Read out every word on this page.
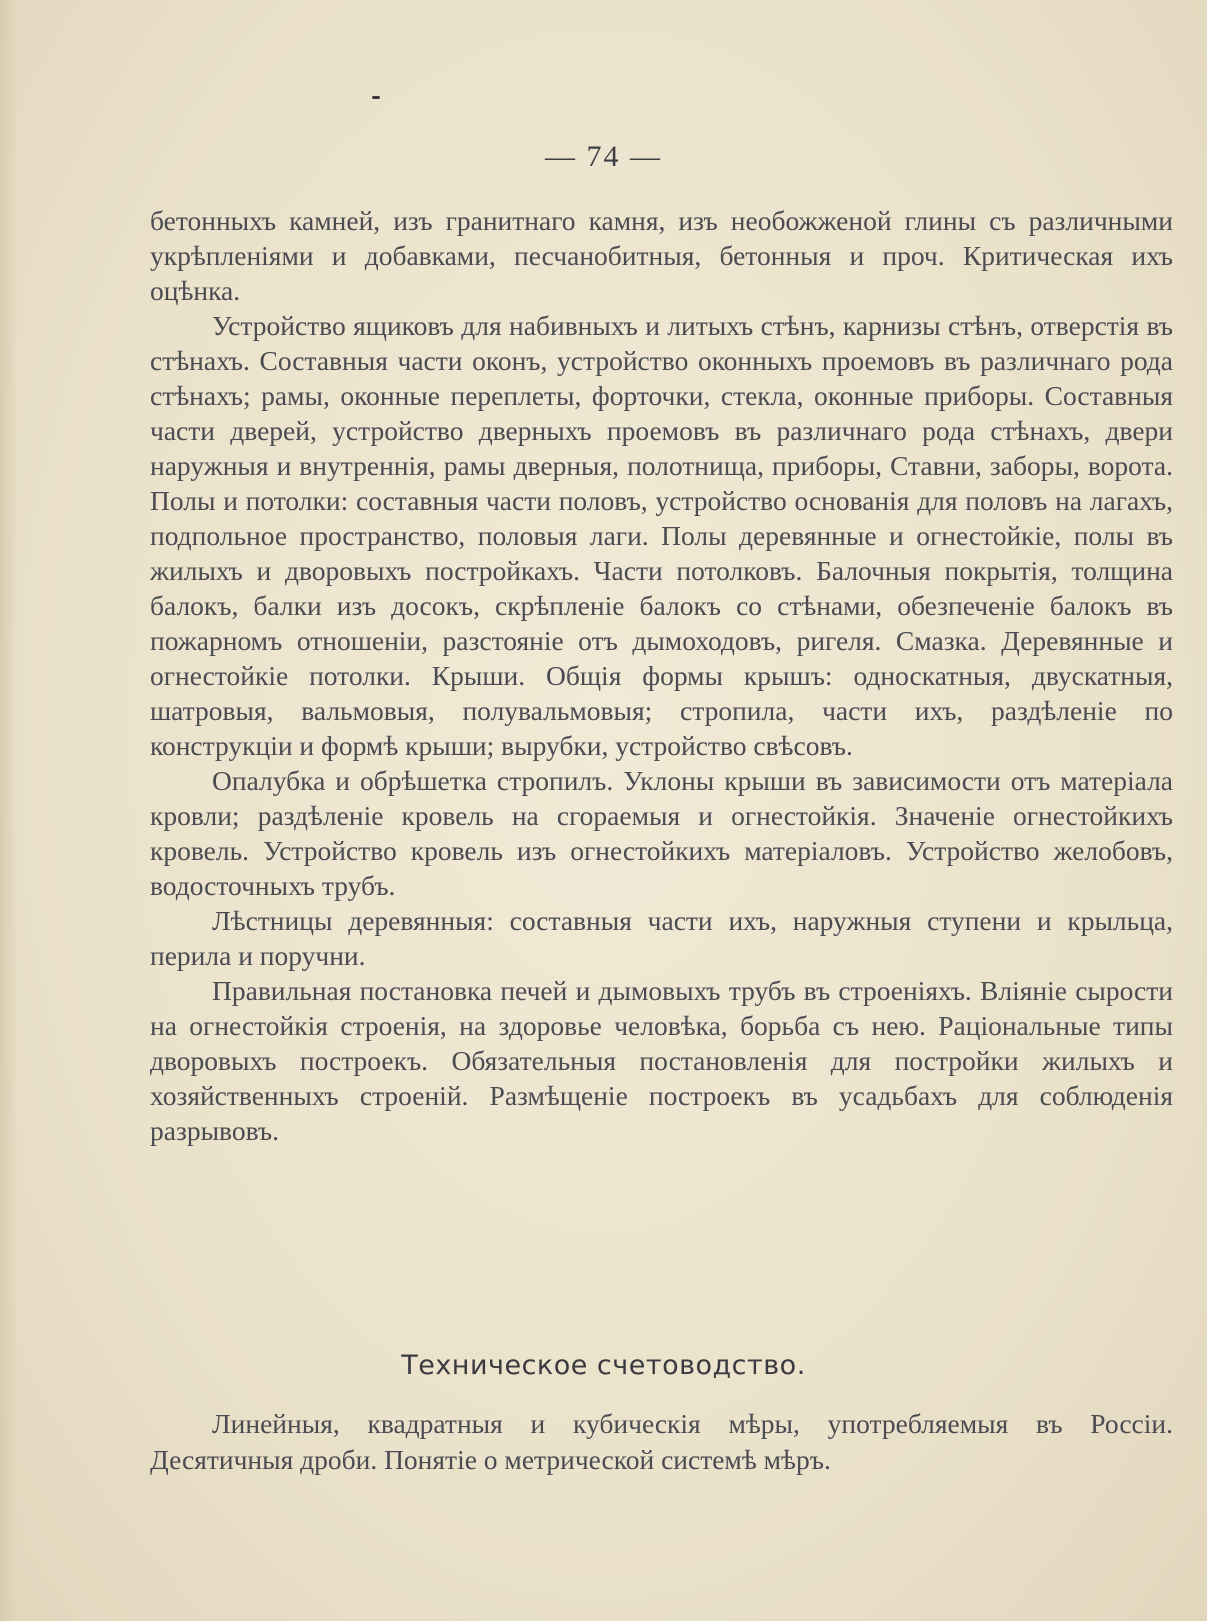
— 74 —

бетонныхъ камней, изъ гранитнаго камня, изъ необожженой глины съ различными укрѣпленіями и добавками, песчанобитныя, бетонныя и проч. Критическая ихъ оцѣнка.

Устройство ящиковъ для набивныхъ и литыхъ стѣнъ, карнизы стѣнъ, отверстія въ стѣнахъ. Составныя части оконъ, устройство оконныхъ проемовъ въ различнаго рода стѣнахъ; рамы, оконные переплеты, форточки, стекла, оконные приборы. Составныя части дверей, устройство дверныхъ проемовъ въ различнаго рода стѣнахъ, двери наружныя и внутреннія, рамы дверныя, полотнища, приборы, Ставни, заборы, ворота. Полы и потолки: составныя части половъ, устройство основанія для половъ на лагахъ, подпольное пространство, половыя лаги. Полы деревянные и огнестойкіе, полы въ жилыхъ и дворовыхъ постройкахъ. Части потолковъ. Балочныя покрытія, толщина балокъ, балки изъ досокъ, скрѣпленіе балокъ со стѣнами, обезпеченіе балокъ въ пожарномъ отношеніи, разстояніе отъ дымоходовъ, ригеля. Смазка. Деревянные и огнестойкіе потолки. Крыши. Общія формы крышъ: односкатныя, двускатныя, шатровыя, вальмовыя, полувальмовыя; стропила, части ихъ, раздѣленіе по конструкціи и формѣ крыши; вырубки, устройство свѣсовъ.

Опалубка и обрѣшетка стропилъ. Уклоны крыши въ зависимости отъ матеріала кровли; раздѣленіе кровель на сгораемыя и огнестойкія. Значеніе огнестойкихъ кровель. Устройство кровель изъ огнестойкихъ матеріаловъ. Устройство желобовъ, водосточныхъ трубъ.

Лѣстницы деревянныя: составныя части ихъ, наружныя ступени и крыльца, перила и поручни.

Правильная постановка печей и дымовыхъ трубъ въ строеніяхъ. Вліяніе сырости на огнестойкія строенія, на здоровье человѣка, борьба съ нею. Раціональные типы дворовыхъ построекъ. Обязательныя постановленія для постройки жилыхъ и хозяйственныхъ строеній. Размѣщеніе построекъ въ усадьбахъ для соблюденія разрывовъ.

Техническое счетоводство.

Линейныя, квадратныя и кубическія мѣры, употребляемыя въ Россіи. Десятичныя дроби. Понятіе о метрической системѣ мѣръ.
